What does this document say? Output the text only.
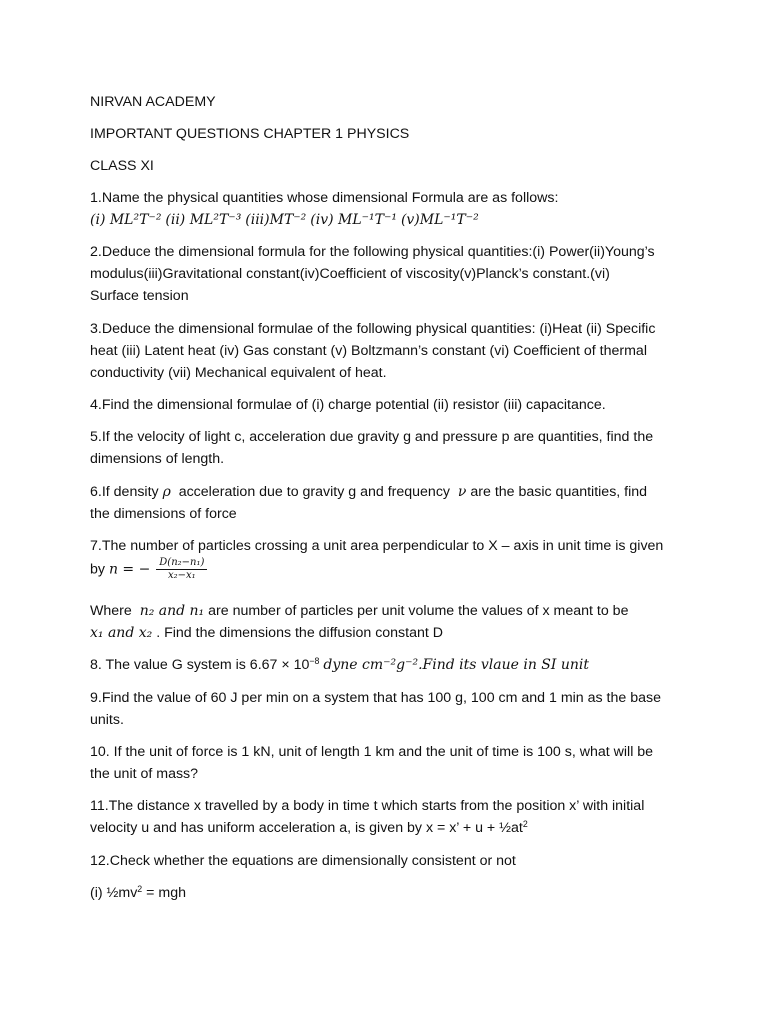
NIRVAN ACADEMY
IMPORTANT QUESTIONS CHAPTER 1 PHYSICS
CLASS XI
1.Name the physical quantities whose dimensional Formula are as follows:
(i) ML²T⁻² (ii) ML²T⁻³ (iii)MT⁻² (iv) ML⁻¹T⁻¹ (v)ML⁻¹T⁻²
2.Deduce the dimensional formula for the following physical quantities:(i) Power(ii)Young’s
modulus(iii)Gravitational constant(iv)Coefficient of viscosity(v)Planck’s constant.(vi)
Surface tension
3.Deduce the dimensional formulae of the following physical quantities: (i)Heat (ii) Specific
heat (iii) Latent heat (iv) Gas constant (v) Boltzmann’s constant (vi) Coefficient of thermal
conductivity (vii) Mechanical equivalent of heat.
4.Find the dimensional formulae of (i) charge potential (ii) resistor (iii) capacitance.
5.If the velocity of light c, acceleration due gravity g and pressure p are quantities, find the
dimensions of length.
6.If density ρ acceleration due to gravity g and frequency ν are the basic quantities, find
the dimensions of force
7.The number of particles crossing a unit area perpendicular to X – axis in unit time is given
by n = − $\frac{\text{D(n₂−n₁)}}{\text{x₂−x₁}}$
Where n₂ and n₁ are number of particles per unit volume the values of x meant to be
x₁ and x₂ . Find the dimensions the diffusion constant D
8. The value G system is $6.67 \times 10^{-8}$ dyne cm⁻²g⁻².Find its vlaue in SI unit
9.Find the value of 60 J per min on a system that has 100 g, 100 cm and 1 min as the base
units.
10. If the unit of force is 1 kN, unit of length 1 km and the unit of time is 100 s, what will be
the unit of mass?
11.The distance x travelled by a body in time t which starts from the position x’ with initial
velocity u and has uniform acceleration a, is given by x = x’ + $u + \frac{1}{2}at^2$
12.Check whether the equations are dimensionally consistent or not
(i) $\frac{1}{2}mv^2$ = mgh
